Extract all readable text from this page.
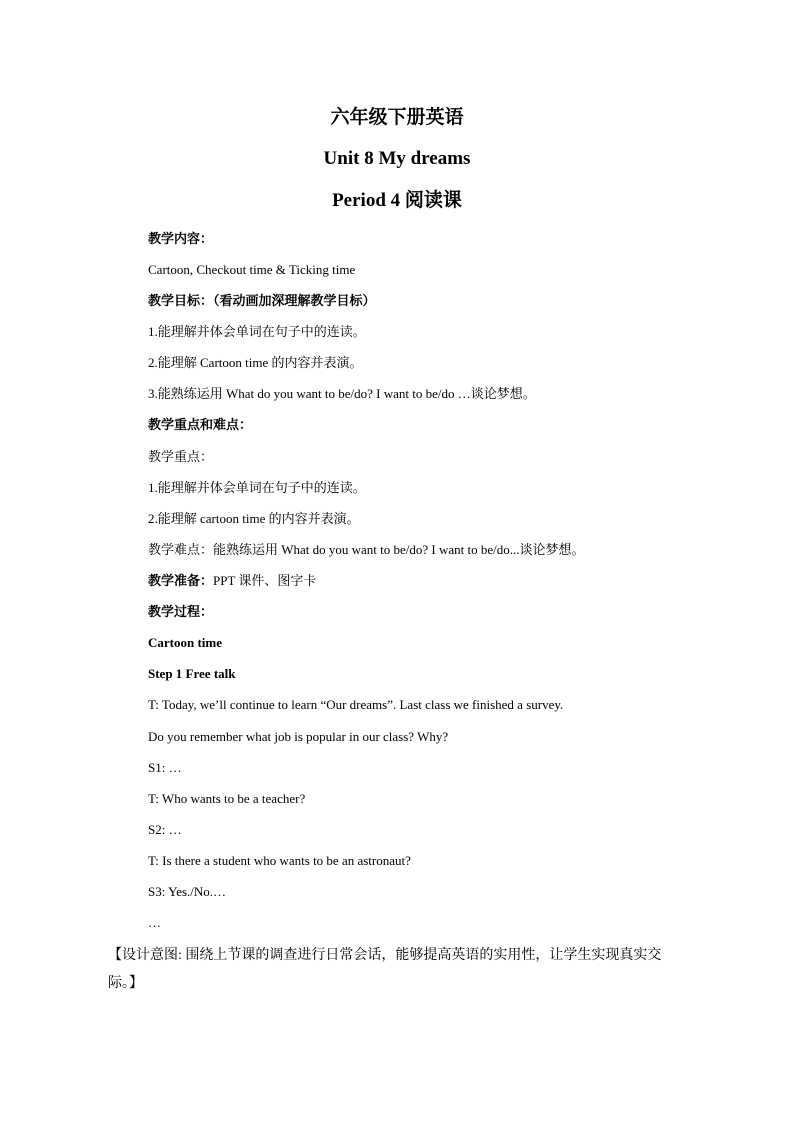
六年级下册英语
Unit 8 My dreams
Period 4 阅读课
教学内容：
Cartoon, Checkout time & Ticking time
教学目标：（看动画加深理解教学目标）
1.能理解并体会单词在句子中的连读。
2.能理解 Cartoon time 的内容并表演。
3.能熟练运用 What do you want to be/do? I want to be/do …谈论梦想。
教学重点和难点：
教学重点：
1.能理解并体会单词在句子中的连读。
2.能理解 cartoon time 的内容并表演。
教学难点：能熟练运用 What do you want to be/do? I want to be/do...谈论梦想。
教学准备：PPT 课件、图字卡
教学过程：
Cartoon time
Step 1 Free talk
T: Today, we’ll continue to learn “Our dreams”. Last class we finished a survey.
Do you remember what job is popular in our class? Why?
S1: …
T: Who wants to be a teacher?
S2: …
T: Is there a student who wants to be an astronaut?
S3: Yes./No.…
…
【设计意图: 围绕上节课的调查进行日常会话，能够提高英语的实用性，让学生实现真实交际。】
